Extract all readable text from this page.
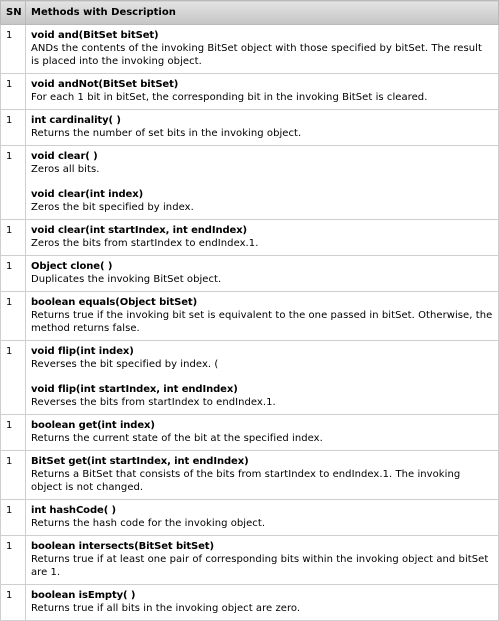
SN	Methods with Description
1	void and(BitSet bitSet)
ANDs the contents of the invoking BitSet object with those specified by bitSet. The result is placed into the invoking object.

1	void andNot(BitSet bitSet)
For each 1 bit in bitSet, the corresponding bit in the invoking BitSet is cleared.

1	int cardinality( )
Returns the number of set bits in the invoking object.

1	void clear( )
Zeros all bits.
void clear(int index)
Zeros the bit specified by index.

1	void clear(int startIndex, int endIndex)
Zeros the bits from startIndex to endIndex.1.

1	Object clone( )
Duplicates the invoking BitSet object.

1	boolean equals(Object bitSet)
Returns true if the invoking bit set is equivalent to the one passed in bitSet. Otherwise, the method returns false.

1	void flip(int index)
Reverses the bit specified by index. (
void flip(int startIndex, int endIndex)
Reverses the bits from startIndex to endIndex.1.

1	boolean get(int index)
Returns the current state of the bit at the specified index.

1	BitSet get(int startIndex, int endIndex)
Returns a BitSet that consists of the bits from startIndex to endIndex.1. The invoking object is not changed.

1	int hashCode( )
Returns the hash code for the invoking object.

1	boolean intersects(BitSet bitSet)
Returns true if at least one pair of corresponding bits within the invoking object and bitSet are 1.

1	boolean isEmpty( )
Returns true if all bits in the invoking object are zero.
